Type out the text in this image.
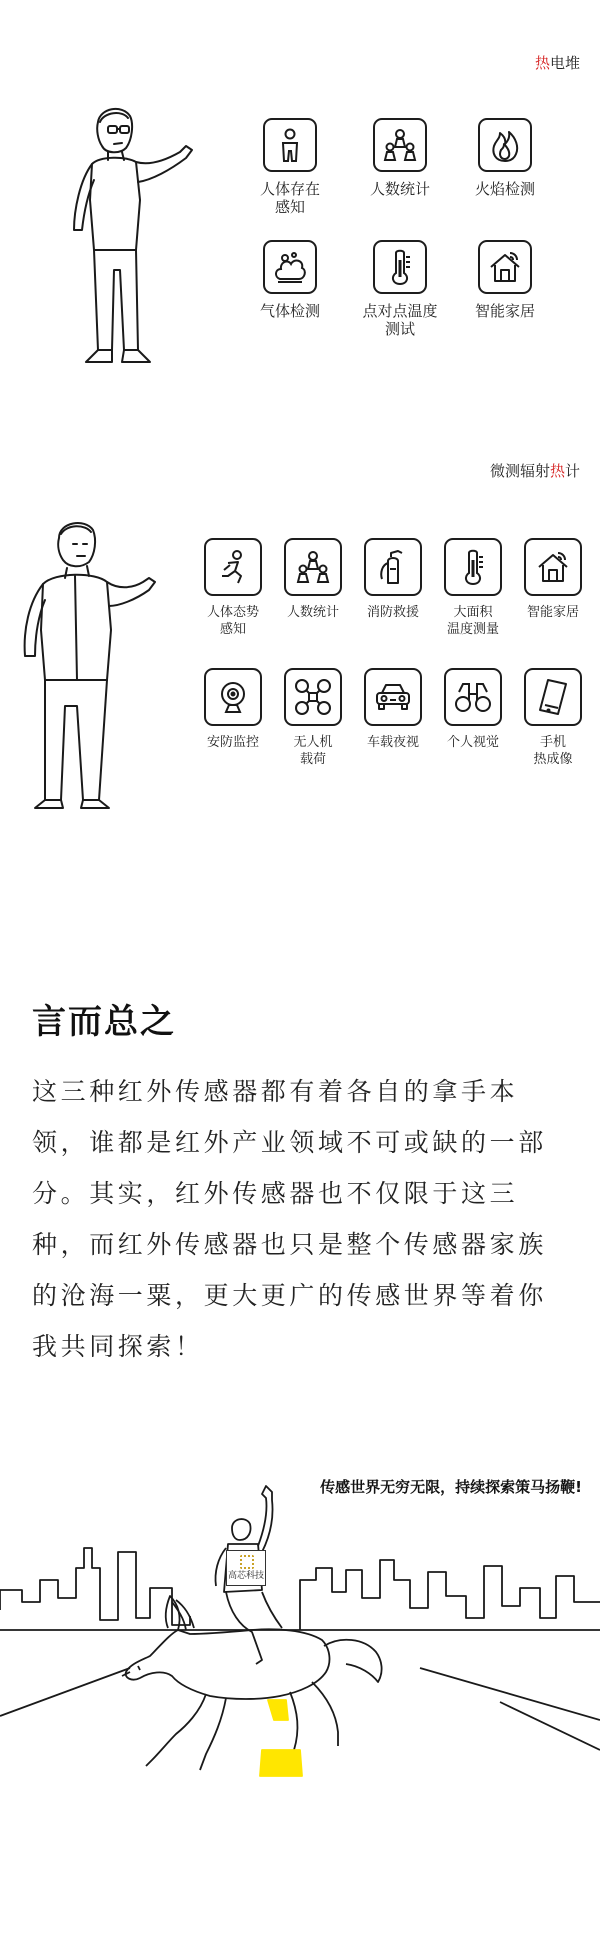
热电堆
人体存在
感知
人数统计	火焰检测
气体检测	点对点温度
测试
智能家居
微测辐射热计
人体态势
感知
人数统计	消防救援	大面积
温度测量
智能家居
安防监控	无人机
载荷
车载夜视	个人视觉	手机
热成像
言而总之
这三种红外传感器都有着各自的拿手本领，谁都是红外产业领域不可或缺的一部分。其实，红外传感器也不仅限于这三种，而红外传感器也只是整个传感器家族的沧海一粟，更大更广的传感世界等着你我共同探索！
传感世界无穷无限，持续探索策马扬鞭!
高芯科技
